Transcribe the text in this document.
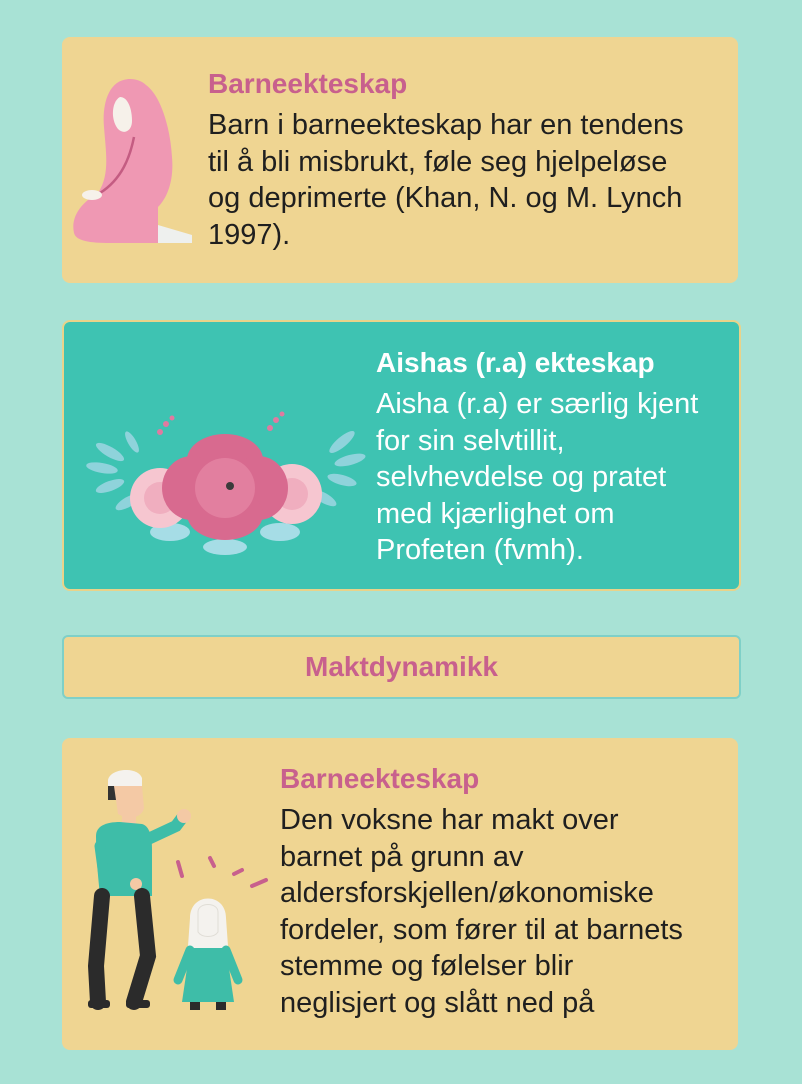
Barneekteskap

Barn i barneekteskap har en tendens
til å bli misbrukt, føle seg hjelpeløse
og deprimerte (Khan, N. og M. Lynch
1997).

Aishas (r.a) ekteskap

Aisha (r.a) er særlig kjent
for sin selvtillit,
selvhevdelse og pratet
med kjærlighet om
Profeten (fvmh).

Maktdynamikk
Barneekteskap

Den voksne har makt over
barnet på grunn av
aldersforskjellen/økonomiske
fordeler, som fører til at barnets
stemme og følelser blir
neglisjert og slått ned på
